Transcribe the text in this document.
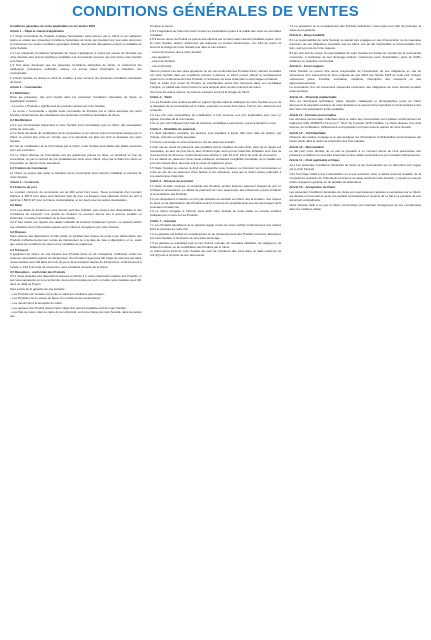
CONDITIONS GÉNÉRALES DE VENTES

Conditions générales de vente applicables au 1er janvier 2024

Article 1 – Objet et champ d'application

1.1 Toute Commande de Produits implique l'acceptation sans réserve par le Client et son adhésion pleine et entière aux présentes Conditions Générales de Vente qui prévalent sur tout autre document et notamment sur toutes conditions générales d'achat, sauf accord dérogatoire exprès et préalable de notre Société.

1.2 Les présentes Conditions Générales de Vente s'appliquent à toutes les ventes de Produits par notre Société sauf accord spécifique préalable à la Commande convenu par écrit entre notre Société et le Client.

1.3 Tout autre document que les présentes Conditions Générales de Vente, et notamment les catalogues, prospectus, publicités, notices, n'a qu'une valeur informative et indicative, non contractuelle.

1.4 Notre Société se réserve le droit de modifier, à tout moment, les présentes Conditions Générales de Vente.

Article 2 – Commandes

2.1 Définitions

Dans les présentes, tels qu'il résulte dans les présentes Conditions Générales de Vente, la signification suivante :

– Le terme « Produits » signifie tous les produits vendus par notre Société.

– Le terme « Commande » signifie toute commande de Produits par le Client acceptée par notre Société conformément aux stipulations des présentes Conditions Générales de Vente.

2.2 Modification

2.2.1 Les Commandes transmises à notre Société sont irrévocables pour le Client, dès acceptation écrite de notre part.

2.2.2 Toute demande de modification de la composition ou du volume d'une Commande passée par un Client ne pourra être prise en compte que si la demande est faite par écrit et acceptée par notre Société.

En cas de modification de la Commande par le Client, notre Société sera déliée des délais convenus pour son exécution.

2.3 Le Client effectue sa Commande soit via plateforme prévue en ligne, en émettant un bon de commande, ou par un accord de prix préalablement émis via le Client, et/ou par le biais d'un devis ou proposition en rapport d'une assurance.

2.3 Création de Commande

Le Client ne pourra pas céder le bénéfice d'une Commande sans l'accord préalable et express de notre Société.

Article 3 – Livraisons

3.1 Francos de port

Le montant minimum de commande est de 400 euros hors taxes. Toute commande d'un montant inférieur à 400 € hors taxes sera facturée frais de port. La livraison sera effectuée franco de port à partir de 1 500 € HT pour la France métropolitaine, et sur devis pour les autres destinations.

3.2 Délai

3.2.1 Les délais de livraison ne sont donnés qu'à titre indicatif, sous réserve des disponibilités et des contraintes de transport. Les retards de livraison ne peuvent donner lieu à aucune pénalité ou indemnité, ni motiver l'annulation de la Commande.

3.2.2 Tout retard, par rapport aux délais indicatifs de livraison initialement prévus, ne saurait justifier une résiliation de la Commande passée par le Client et enregistrée par notre Société.

3.3 Risques

Sous réserve des dispositions d'ordre public, le transfert des risques de perte et de détérioration des Produits s'effectuera dès leur remise au transporteur ou à la date de mise à disposition, et ce, quels que soient les conditions de vente et les modalités de règlement.

3.4 Transport

Il appartient au Client, en cas d'avarie des Produits livrés ou de manquants, d'effectuer toutes les réserves nécessaires auprès du transporteur. Tout Produit n'ayant pas fait l'objet de réserves par lettre recommandée avec AR dans les trois (3) jours de la réception auprès du transporteur, conformément à l'article L. 133-3 du code de commerce, sera considéré accepté par le Client.

3.5 Réception – conformité des Produits

3.5.1 Sans préjudice des dispositions prévues à l'article 3.4, toute réclamation relative aux Produits, ni aux vices apparents ou non-conformité, devra être formulée par écrit, en lettre recommandée avec AR, dans un délai de 8 jours.

Sont exclus de la garantie les cas suivants :

– Les Produits non stockés sur le site ou dans les conditions préconisées ;

– Les Produits mis en œuvre de façon non conforme aux prescriptions ;

– Les retours fait à la demande du Client ;

– Les reprises d'un Produit doivent faire l'objet d'un accord préalable écrit de notre Société.

– Les frais de retour, dans le cadre de la conformité, sont à la charge de notre Société, dans les autres cas.

D'origine et sauvé.

3.5.2 Il appartient au Client de fournir toutes les justifications quant à la réalité des vices ou anomalies constatés.

3.5.3 Aucun retour de Produit ne pourra être effectué par le Client sans l'accord préalable exprès, écrit, de notre Société, obtenu notamment par télécopie ou courrier électronique. Les frais de retour ne seront à la charge de notre Société que dans le cas suivant :

– erreur de livraison due à notre Société ;

– vice apparent ;

– erreur de livraison

– non-conformité.

Dans le présent cas des vices apparents ou de non-conformité des Produits livrés, dûment constatés par notre Société dans les conditions prévues ci-dessus, le Client pourra obtenir le remplacement gratuit ou le remboursement des Produits, à l'exclusion de toute indemnité ou dommages et intérêts.

Dans le cadre d'un retour de Produit, la marchandise devra être retournée dans son emballage d'origine, en parfait état. Aucun retour ne sera accepté sans numéro d'accord de retour.

Pour tous les autres retours, les frais de transport seront à la charge du Client.

Article 4 – Tarifs

4.1 Les Produits sont vendus au tarif en vigueur figurant dans le catalogue de notre Société au jour de la passation de la Commande par le Client, exprimés en euros hors taxes, TVA en sus, départ de nos entrepôts.

4.2 Les prix sont susceptibles de modification à tout moment. Les prix applicables sont ceux en vigueur à la date de la Commande.

4.3 Les prix sont indiqués hors frais de transport, emballage et assurance, qui sont facturés en sus.

Article 5 – Modalités de paiement

5.1 Sauf stipulation contraire, les factures sont payables à trente (30) jours date de facture, par chèque, virement ou traite acceptée.

5.2 Aucun escompte ne sera consenti en cas de paiement anticipé.

5.3 En cas de retard de paiement, des pénalités seront exigibles de plein droit, sans qu'un rappel soit nécessaire, au taux de trois fois le taux d'intérêt légal, ainsi qu'une indemnité forfaitaire pour frais de recouvrement de 40 euros, conformément aux articles L. 441-10 et D. 441-5 du code de commerce.

5.4 Le défaut de paiement d'une seule échéance entraînera l'exigibilité immédiate de la totalité des sommes restant dues, quel que soit le mode de règlement prévu.

5.5 Notre Société se réserve le droit de suspendre toute livraison ou d'annuler les Commandes en cours en cas de non-paiement d'une facture à son échéance, sans que le Client puisse prétendre à une quelconque indemnité.

Article 6 – Réserve de propriété

6.1 Notre Société conserve la propriété des Produits vendus jusqu'au paiement intégral du prix en principal et accessoires. Le défaut de paiement de l'une quelconque des échéances pourra entraîner la revendication des Produits.

6.2 Les dispositions ci-dessus ne font pas obstacle au transfert au Client, dès la livraison, des risques de perte ou de détérioration des Produits soumis à réserve de propriété ainsi que des dommages qu'ils pourraient occasionner.

6.3 Le Client s'engage à informer sans délai notre Société de toute saisie ou mesure similaire pratiquée par un tiers sur les Produits.

Article 7 – Garantie

7.1 Les Produits bénéficient de la garantie légale contre les vices cachés conformément aux articles 1641 et suivants du code civil.

7.2 La garantie est limitée au remplacement ou au remboursement des Produits reconnus défectueux par notre Société, à l'exclusion de tout autre dommage.

7.3 La garantie ne s'applique pas en cas d'usure normale, de mauvaise utilisation, de négligence, de défaut d'entretien ou de modification des Produits par le Client.

Le Client devra informer notre Société par écrit de l'existence des vices dans un délai maximum de huit (8) jours à compter de leur découverte.

7.4 La réparation ou le remplacement des Produits défectueux n'aura pas pour effet de prolonger la durée de la garantie.

Article 8 – Responsabilité

8.1 La responsabilité de notre Société ne saurait être engagée en cas d'inexécution ou de mauvaise exécution de ses obligations imputable soit au Client, soit au fait imprévisible et insurmontable d'un tiers, soit à un cas de force majeure.

8.2 En tout état de cause, la responsabilité de notre Société est limitée au montant de la Commande concernée, à l'exclusion de tout dommage indirect, notamment perte d'exploitation, perte de chiffre d'affaires ou préjudice commercial.

Article 9 – Force majeure

Notre Société ne pourra être tenue responsable de l'inexécution de ses obligations en cas de survenance d'un événement de force majeure tel que défini par l'article 1218 du code civil, incluant notamment grève, incendie, inondation, épidémie, interruption des transports ou des approvisionnements.

La survenance d'un tel événement suspendra l'exécution des obligations de notre Société pendant toute sa durée.

Article 10 – Propriété intellectuelle

Tous les documents techniques, plans, dessins, catalogues et photographies remis au Client demeurent la propriété exclusive de notre Société et ne peuvent être reproduits ni communiqués à des tiers sans son autorisation écrite préalable.

Article 11 – Données personnelles

Les données personnelles collectées dans le cadre des Commandes sont traitées conformément au règlement (UE) 2016/679 et à la loi n° 78-17 du 6 janvier 1978 modifiée. Le Client dispose d'un droit d'accès, de rectification, d'effacement et d'opposition qu'il peut exercer auprès de notre Société.

Article 12 – Confidentialité

Chacune des parties s'engage à ne pas divulguer les informations confidentielles communiquées par l'autre partie dans le cadre de l'exécution des Commandes.

Article 13 – Renonciation

Le fait pour notre Société de ne pas se prévaloir à un moment donné de l'une quelconque des présentes conditions ne peut être interprété comme valant renonciation à s'en prévaloir ultérieurement.

Article 14 – Droit applicable et litiges

14.1 Les présentes Conditions Générales de Vente et les Commandes qui en découlent sont régies par le droit français.

14.2 Tout litige relatif à leur interprétation ou à leur exécution sera, à défaut d'accord amiable, de la compétence exclusive du Tribunal de commerce du siège social de notre Société, y compris en cas de référé, d'appel en garantie ou de pluralité de défendeurs.

Article 15 – Acceptation du Client

Les présentes Conditions Générales de Vente sont expressément agréées et acceptées par le Client, qui déclare et reconnaît en avoir une parfaite connaissance et renonce de ce fait à se prévaloir de tout document contradictoire.

Notre Société veille à ce que le Client communique tout éventuel changement de ses coordonnées dans les meilleurs délais.
